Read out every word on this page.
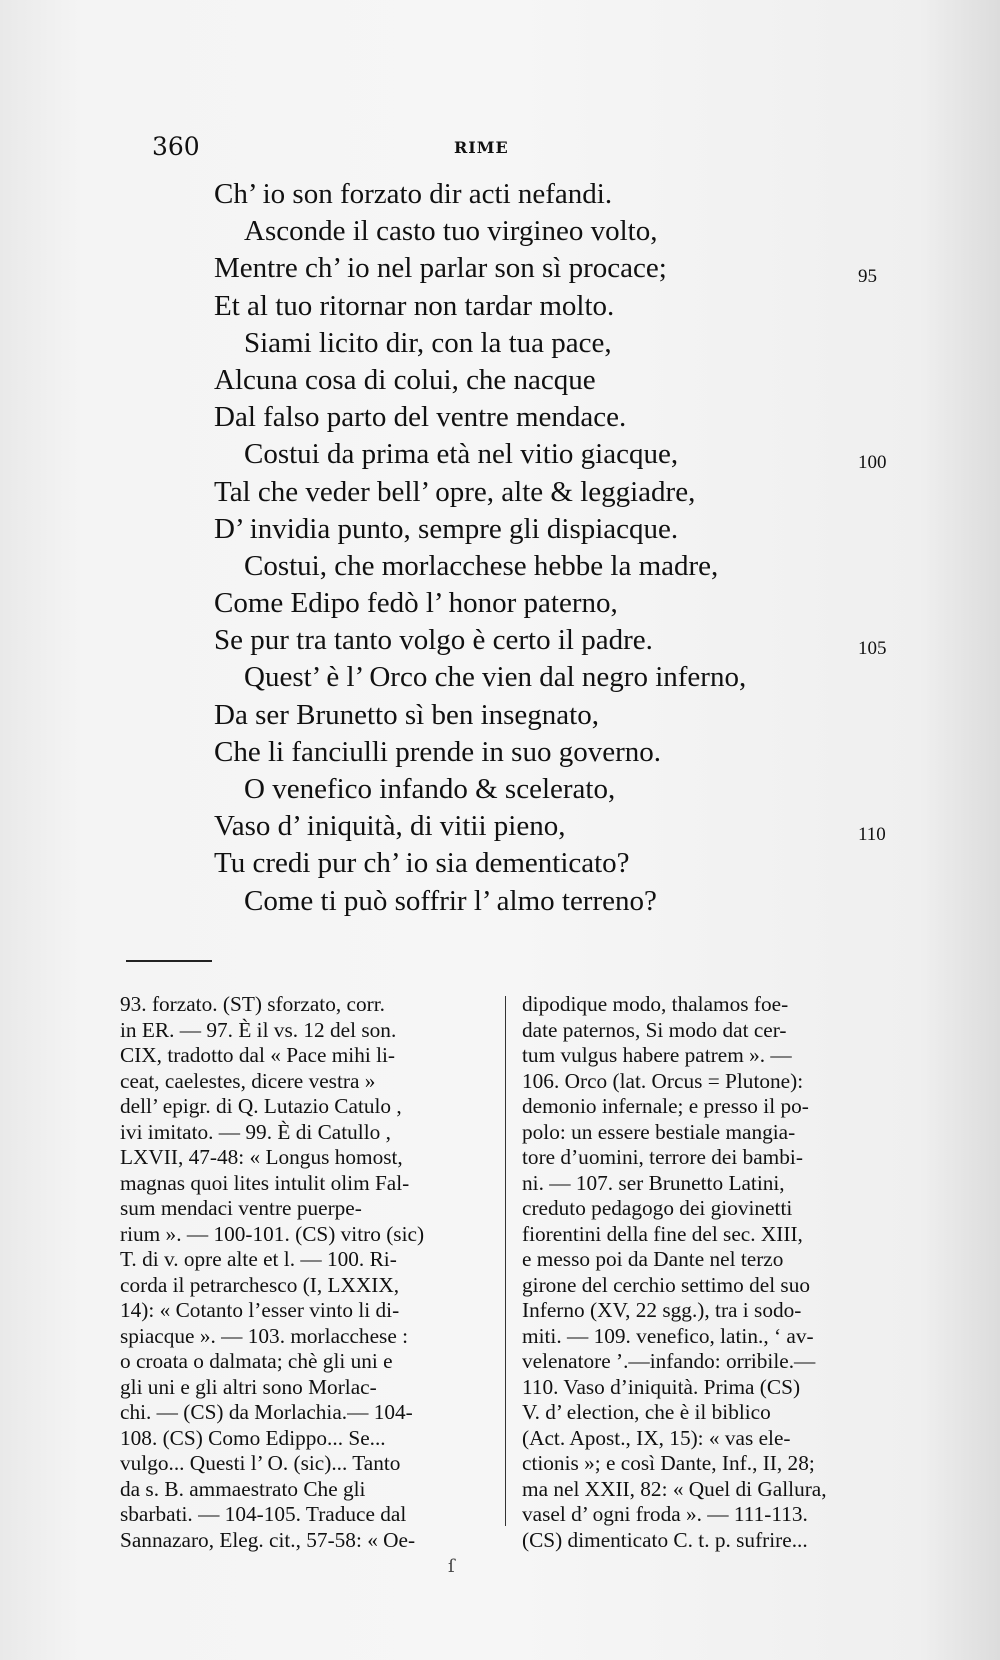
360	RIME
Ch’ io son forzato dir acti nefandi.
Asconde il casto tuo virgineo volto,
Mentre ch’ io nel parlar son sì procace;	95
Et al tuo ritornar non tardar molto.
Siami licito dir, con la tua pace,
Alcuna cosa di colui, che nacque
Dal falso parto del ventre mendace.
Costui da prima età nel vitio giacque,	100
Tal che veder bell’ opre, alte & leggiadre,
D’ invidia punto, sempre gli dispiacque.
Costui, che morlacchese hebbe la madre,
Come Edipo fedò l’ honor paterno,
Se pur tra tanto volgo è certo il padre.	105
Quest’ è l’ Orco che vien dal negro inferno,
Da ser Brunetto sì ben insegnato,
Che li fanciulli prende in suo governo.
O venefico infando & scelerato,
Vaso d’ iniquità, di vitii pieno,	110
Tu credi pur ch’ io sia dementicato?
Come ti può soffrir l’ almo terreno?
93. forzato. (ST) sforzato, corr.
in ER. — 97. È il vs. 12 del son.
CIX, tradotto dal « Pace mihi li-
ceat, caelestes, dicere vestra »
dell’ epigr. di Q. Lutazio Catulo ,
ivi imitato. — 99. È di Catullo ,
LXVII, 47-48: « Longus homost,
magnas quoi lites intulit olim Fal-
sum mendaci ventre puerpe-
rium ». — 100-101. (CS) vitro (sic)
T. di v. opre alte et l. — 100. Ri-
corda il petrarchesco (I, LXXIX,
14): « Cotanto l’esser vinto li di-
spiacque ». — 103. morlacchese :
o croata o dalmata; chè gli uni e
gli uni e gli altri sono Morlac-
chi. — (CS) da Morlachia.— 104-
108. (CS) Como Edippo... Se...
vulgo... Questi l’ O. (sic)... Tanto
da s. B. ammaestrato Che gli
sbarbati. — 104-105. Traduce dal
Sannazaro, Eleg. cit., 57-58: « Oe-
dipodique modo, thalamos foe-
date paternos, Si modo dat cer-
tum vulgus habere patrem ». —
106. Orco (lat. Orcus = Plutone):
demonio infernale; e presso il po-
polo: un essere bestiale mangia-
tore d’uomini, terrore dei bambi-
ni. — 107. ser Brunetto Latini,
creduto pedagogo dei giovinetti
fiorentini della fine del sec. XIII,
e messo poi da Dante nel terzo
girone del cerchio settimo del suo
Inferno (XV, 22 sgg.), tra i sodo-
miti. — 109. venefico, latin., ‘ av-
velenatore ’.—infando: orribile.—
110. Vaso d’iniquità. Prima (CS)
V. d’ election, che è il biblico
(Act. Apost., IX, 15): « vas ele-
ctionis »; e così Dante, Inf., II, 28;
ma nel XXII, 82: « Quel di Gallura,
vasel d’ ogni froda ». — 111-113.
(CS) dimenticato C. t. p. sufrire...
ſ
